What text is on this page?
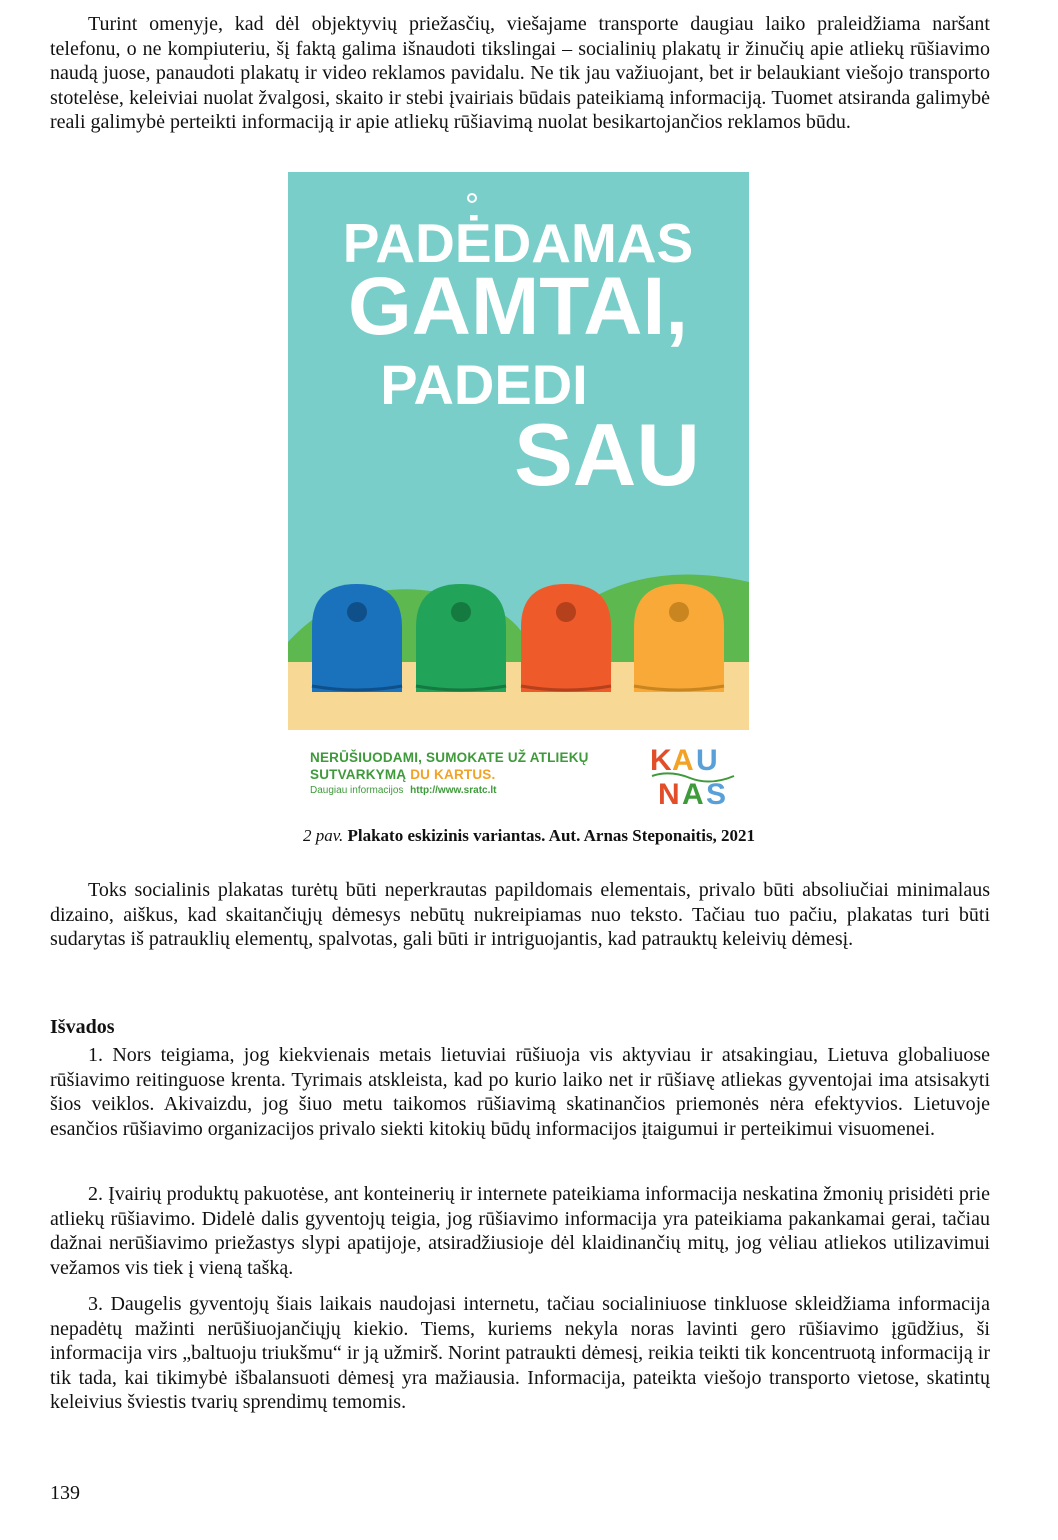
Turint omenyje, kad dėl objektyvių priežasčių, viešajame transporte daugiau laiko praleidžiama naršant telefonu, o ne kompiuteriu, šį faktą galima išnaudoti tikslingai – socialinių plakatų ir žinučių apie atliekų rūšiavimo naudą juose, panaudoti plakatų ir video reklamos pavidalu. Ne tik jau važiuojant, bet ir belaukiant viešojo transporto stotelėse, keleiviai nuolat žvalgosi, skaito ir stebi įvairiais būdais pateikiamą informaciją. Tuomet atsiranda galimybė reali galimybė perteikti informaciją ir apie atliekų rūšiavimą nuolat besikartojančios reklamos būdu.

PADĖDAMAS
GAMTAI,
PADEDI
SAU
NERŪŠIUODAMI, SUMOKATE UŽ ATLIEKŲ
SUTVARKYMĄ DU KARTUS.
Daugiau informacijos http://www.sratc.lt
K A U
N A S
2 pav. Plakato eskizinis variantas. Aut. Arnas Steponaitis, 2021

Toks socialinis plakatas turėtų būti neperkrautas papildomais elementais, privalo būti absoliučiai minimalaus dizaino, aiškus, kad skaitančiųjų dėmesys nebūtų nukreipiamas nuo teksto. Tačiau tuo pačiu, plakatas turi būti sudarytas iš patrauklių elementų, spalvotas, gali būti ir intriguojantis, kad patrauktų keleivių dėmesį.

Išvados

1. Nors teigiama, jog kiekvienais metais lietuviai rūšiuoja vis aktyviau ir atsakingiau, Lietuva globaliuose rūšiavimo reitinguose krenta. Tyrimais atskleista, kad po kurio laiko net ir rūšiavę atliekas gyventojai ima atsisakyti šios veiklos. Akivaizdu, jog šiuo metu taikomos rūšiavimą skatinančios priemonės nėra efektyvios. Lietuvoje esančios rūšiavimo organizacijos privalo siekti kitokių būdų informacijos įtaigumui ir perteikimui visuomenei.

2. Įvairių produktų pakuotėse, ant konteinerių ir internete pateikiama informacija neskatina žmonių prisidėti prie atliekų rūšiavimo. Didelė dalis gyventojų teigia, jog rūšiavimo informacija yra pateikiama pakankamai gerai, tačiau dažnai nerūšiavimo priežastys slypi apatijoje, atsiradžiusioje dėl klaidinančių mitų, jog vėliau atliekos utilizavimui vežamos vis tiek į vieną tašką.

3. Daugelis gyventojų šiais laikais naudojasi internetu, tačiau socialiniuose tinkluose skleidžiama informacija nepadėtų mažinti nerūšiuojančiųjų kiekio. Tiems, kuriems nekyla noras lavinti gero rūšiavimo įgūdžius, ši informacija virs „baltuoju triukšmu“ ir ją užmirš. Norint patraukti dėmesį, reikia teikti tik koncentruotą informaciją ir tik tada, kai tikimybė išbalansuoti dėmesį yra mažiausia. Informacija, pateikta viešojo transporto vietose, skatintų keleivius šviestis tvarių sprendimų temomis.

139
